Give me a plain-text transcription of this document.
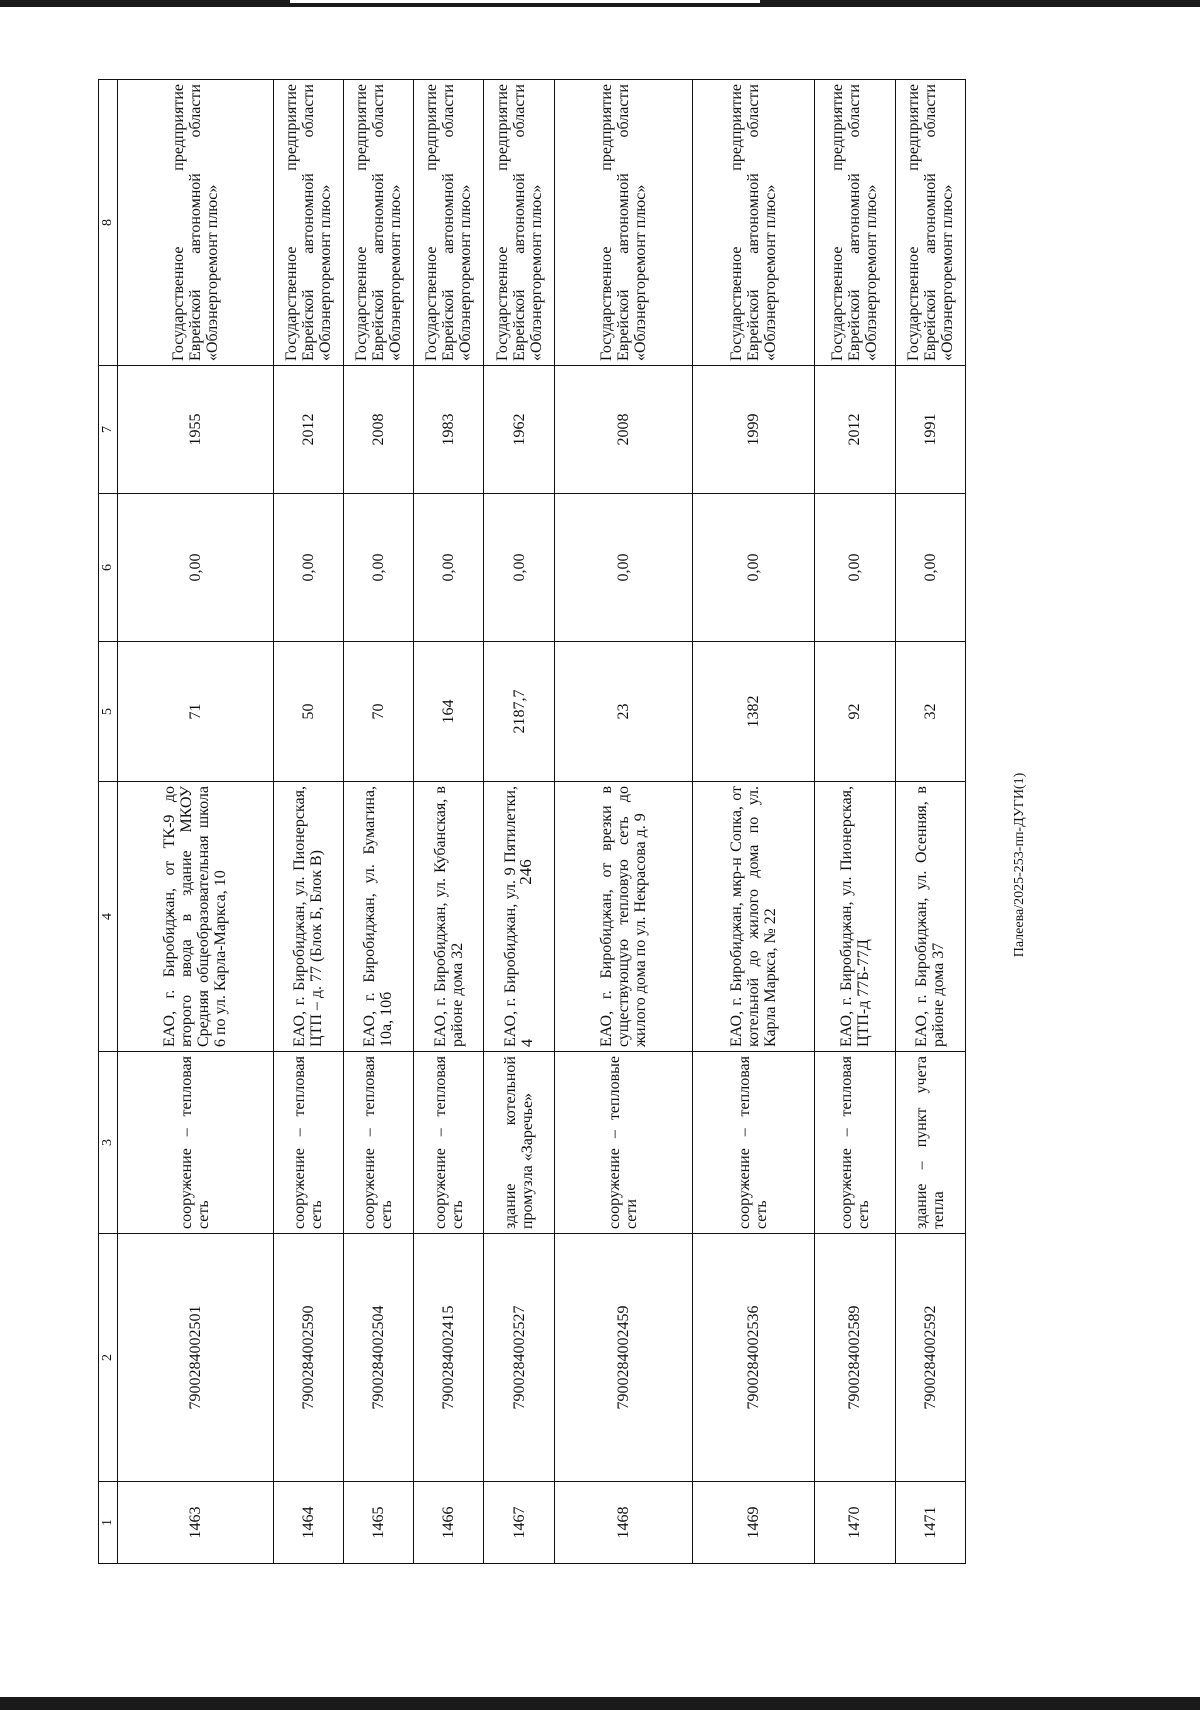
246
1	2	3	4	5	6	7	8
1463	7900284002501	сооружение – тепловая сеть	ЕАО, г. Биробиджан, от ТК-9 до второго ввода в здание МКОУ Средняя общеобразовательная школа 6 по ул. Карла-Маркса, 10	71	0,00	1955	Государственное предприятие Еврейской автономной области «Облэнергоремонт плюс»
1464	7900284002590	сооружение – тепловая сеть	ЕАО, г. Биробиджан, ул. Пионерская, ЦТП – д. 77 (Блок Б, Блок В)	50	0,00	2012	Государственное предприятие Еврейской автономной области «Облэнергоремонт плюс»
1465	7900284002504	сооружение – тепловая сеть	ЕАО, г. Биробиджан, ул. Бумагина, 10а, 10б	70	0,00	2008	Государственное предприятие Еврейской автономной области «Облэнергоремонт плюс»
1466	7900284002415	сооружение – тепловая сеть	ЕАО, г. Биробиджан, ул. Кубанская, в районе дома 32	164	0,00	1983	Государственное предприятие Еврейской автономной области «Облэнергоремонт плюс»
1467	7900284002527	здание котельной промузла «Заречье»	ЕАО, г. Биробиджан, ул. 9 Пятилетки, 4	2187,7	0,00	1962	Государственное предприятие Еврейской автономной области «Облэнергоремонт плюс»
1468	7900284002459	сооружение – тепловые сети	ЕАО, г. Биробиджан, от врезки в существующую тепловую сеть до жилого дома по ул. Некрасова д. 9	23	0,00	2008	Государственное предприятие Еврейской автономной области «Облэнергоремонт плюс»
1469	7900284002536	сооружение – тепловая сеть	ЕАО, г. Биробиджан, мкр-н Сопка, от котельной до жилого дома по ул. Карла Маркса, № 22	1382	0,00	1999	Государственное предприятие Еврейской автономной области «Облэнергоремонт плюс»
1470	7900284002589	сооружение – тепловая сеть	ЕАО, г. Биробиджан, ул. Пионерская, ЦТП-д 77Б-77Д	92	0,00	2012	Государственное предприятие Еврейской автономной области «Облэнергоремонт плюс»
1471	7900284002592	здание – пункт учета тепла	ЕАО, г. Биробиджан, ул. Осенняя, в районе дома 37	32	0,00	1991	Государственное предприятие Еврейской автономной области «Облэнергоремонт плюс»
Палеева/2025-253-пп-ДУГИ(1)
